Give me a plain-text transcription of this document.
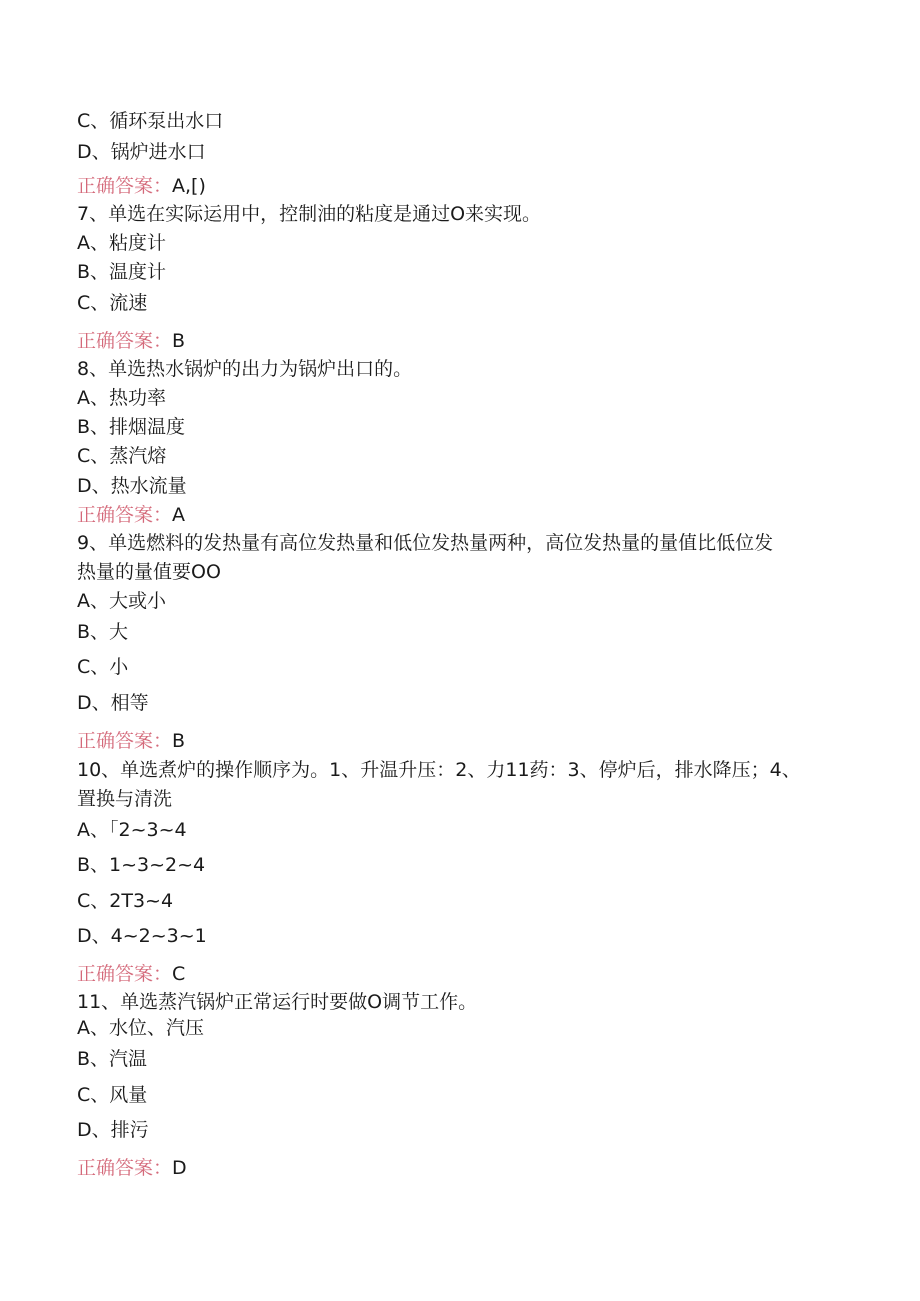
C、循环泵出水口
D、锅炉进水口
正确答案：A,[)
7、单选在实际运用中，控制油的粘度是通过O来实现。
A、粘度计
B、温度计
C、流速
正确答案：B
8、单选热水锅炉的出力为锅炉出口的。
A、热功率
B、排烟温度
C、蒸汽熔
D、热水流量
正确答案：A
9、单选燃料的发热量有高位发热量和低位发热量两种，高位发热量的量值比低位发
热量的量值要OO
A、大或小
B、大
C、小
D、相等
正确答案：B
10、单选煮炉的操作顺序为。1、升温升压：2、力11药：3、停炉后，排水降压；4、
置换与清洗
A、「2~3~4
B、1~3~2~4
C、2T3~4
D、4~2~3~1
正确答案：C
11、单选蒸汽锅炉正常运行时要做O调节工作。
A、水位、汽压
B、汽温
C、风量
D、排污
正确答案：D
